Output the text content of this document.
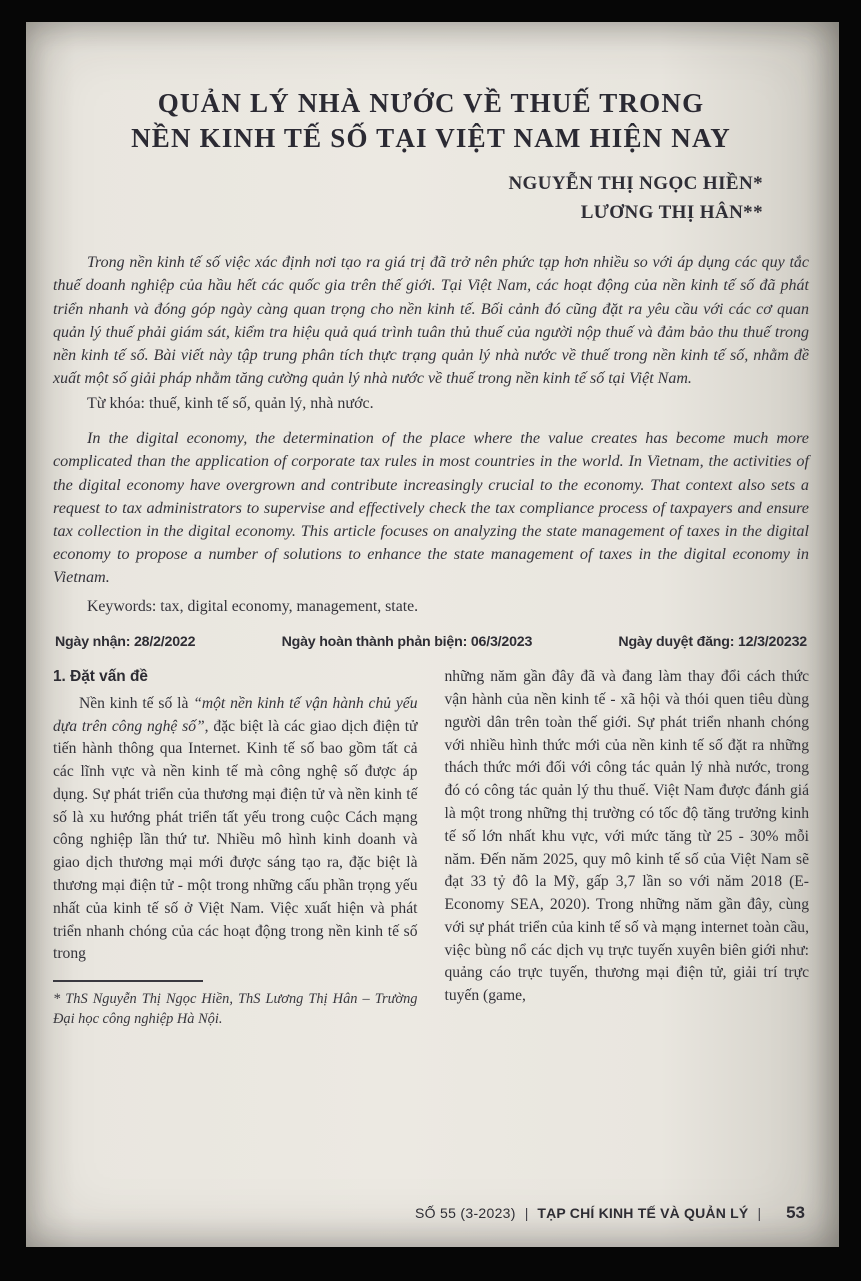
QUẢN LÝ NHÀ NƯỚC VỀ THUẾ TRONG
NỀN KINH TẾ SỐ TẠI VIỆT NAM HIỆN NAY
NGUYỄN THỊ NGỌC HIỀN*
LƯƠNG THỊ HÂN**

Trong nền kinh tế số việc xác định nơi tạo ra giá trị đã trở nên phức tạp hơn nhiều so với áp dụng các quy tắc thuế doanh nghiệp của hầu hết các quốc gia trên thế giới. Tại Việt Nam, các hoạt động của nền kinh tế số đã phát triển nhanh và đóng góp ngày càng quan trọng cho nền kinh tế. Bối cảnh đó cũng đặt ra yêu cầu với các cơ quan quản lý thuế phải giám sát, kiểm tra hiệu quả quá trình tuân thủ thuế của người nộp thuế và đảm bảo thu thuế trong nền kinh tế số. Bài viết này tập trung phân tích thực trạng quản lý nhà nước về thuế trong nền kinh tế số, nhằm đề xuất một số giải pháp nhằm tăng cường quản lý nhà nước về thuế trong nền kinh tế số tại Việt Nam.

Từ khóa: thuế, kinh tế số, quản lý, nhà nước.

In the digital economy, the determination of the place where the value creates has become much more complicated than the application of corporate tax rules in most countries in the world. In Vietnam, the activities of the digital economy have overgrown and contribute increasingly crucial to the economy. That context also sets a request to tax administrators to supervise and effectively check the tax compliance process of taxpayers and ensure tax collection in the digital economy. This article focuses on analyzing the state management of taxes in the digital economy to propose a number of solutions to enhance the state management of taxes in the digital economy in Vietnam.

Keywords: tax, digital economy, management, state.

Ngày nhận: 28/2/2022	Ngày hoàn thành phản biện: 06/3/2023	Ngày duyệt đăng: 12/3/20232

1. Đặt vấn đề

Nền kinh tế số là “một nền kinh tế vận hành chủ yếu dựa trên công nghệ số”, đặc biệt là các giao dịch điện tử tiến hành thông qua Internet. Kinh tế số bao gồm tất cả các lĩnh vực và nền kinh tế mà công nghệ số được áp dụng. Sự phát triển của thương mại điện tử và nền kinh tế số là xu hướng phát triển tất yếu trong cuộc Cách mạng công nghiệp lần thứ tư. Nhiều mô hình kinh doanh và giao dịch thương mại mới được sáng tạo ra, đặc biệt là thương mại điện tử - một trong những cấu phần trọng yếu nhất của kinh tế số ở Việt Nam. Việc xuất hiện và phát triển nhanh chóng của các hoạt động trong nền kinh tế số trong

* ThS Nguyễn Thị Ngọc Hiền, ThS Lương Thị Hân – Trường Đại học công nghiệp Hà Nội.

những năm gần đây đã và đang làm thay đổi cách thức vận hành của nền kinh tế - xã hội và thói quen tiêu dùng người dân trên toàn thế giới. Sự phát triển nhanh chóng với nhiều hình thức mới của nền kinh tế số đặt ra những thách thức mới đối với công tác quản lý nhà nước, trong đó có công tác quản lý thu thuế. Việt Nam được đánh giá là một trong những thị trường có tốc độ tăng trưởng kinh tế số lớn nhất khu vực, với mức tăng từ 25 - 30% mỗi năm. Đến năm 2025, quy mô kinh tế số của Việt Nam sẽ đạt 33 tỷ đô la Mỹ, gấp 3,7 lần so với năm 2018 (E-Economy SEA, 2020). Trong những năm gần đây, cùng với sự phát triển của kinh tế số và mạng internet toàn cầu, việc bùng nổ các dịch vụ trực tuyến xuyên biên giới như: quảng cáo trực tuyến, thương mại điện tử, giải trí trực tuyến (game,

SỐ 55 (3-2023) | TẠP CHÍ KINH TẾ VÀ QUẢN LÝ | 53
